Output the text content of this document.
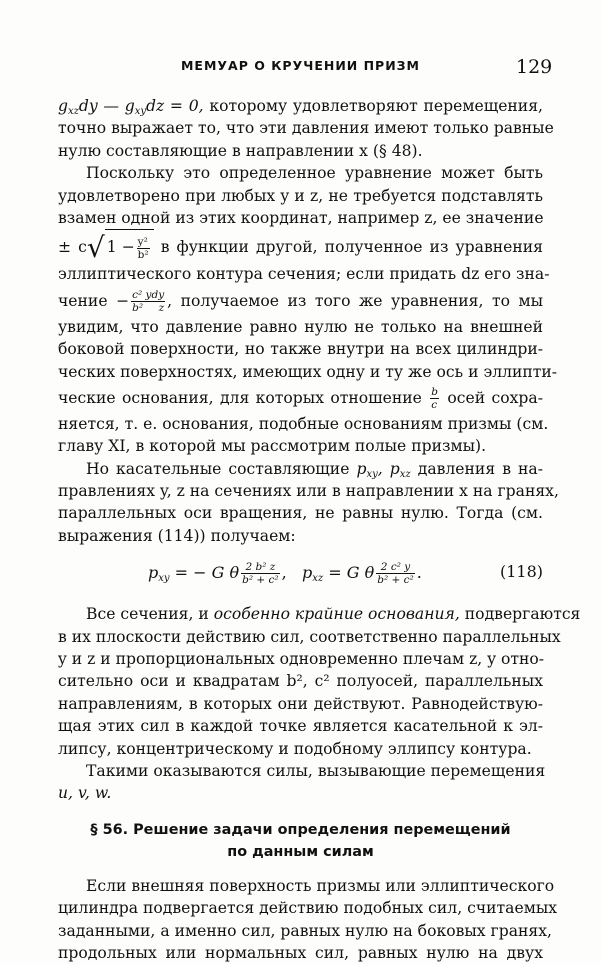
МЕМУАР О КРУЧЕНИИ ПРИЗМ	129
$g_{xz}dy$ — $g_{xy}dz = 0$, которому удовлетворяют перемещения,
точно выражает то, что эти давления имеют только равные
нулю составляющие в направлении x (§ 48).
Поскольку это определенное уравнение может быть
удовлетворено при любых y и z, не требуется подставлять
взамен одной из этих координат, например z, ее значение
± c√ $1 - \frac{\text{y²}}{\text{b²}}$ в функции другой, полученное из уравнения
эллиптического контура сечения; если придать dz его зна-
чение − $\frac{\text{c² ydy}}{\text{b² z}}$ , получаемое из того же уравнения, то мы
увидим, что давление равно нулю не только на внешней
боковой поверхности, но также внутри на всех цилиндри-
ческих поверхностях, имеющих одну и ту же ось и эллипти-
ческие основания, для которых отношение $\frac{b}{c}$ осей сохра-
няется, т. е. основания, подобные основаниям призмы (см.
главу XI, в которой мы рассмотрим полые призмы).
Но касательные составляющие $p_{xy}$, $p_{xz}$ давления в на-
правлениях y, z на сечениях или в направлении x на гранях,
параллельных оси вращения, не равны нулю. Тогда (см.
выражения (114)) получаем:
$p_{xy}$ = − G θ $\frac{\text{2 b² z}}{\text{b² + c²}}$ , $p_{xz} = G$ θ $\frac{\text{2 c² y}}{\text{b² + c²}}$ .	(118)
Все сечения, и особенно крайние основания, подвергаются
в их плоскости действию сил, соответственно параллельных
y и z и пропорциональных одновременно плечам z, y отно-
сительно оси и квадратам b², c² полуосей, параллельных
направлениям, в которых они действуют. Равнодействую-
щая этих сил в каждой точке является касательной к эл-
липсу, концентрическому и подобному эллипсу контура.
Такими оказываются силы, вызывающие перемещения
u, v, w.
§ 56. Решение задачи определения перемещений
по данным силам
Если внешняя поверхность призмы или эллиптического
цилиндра подвергается действию подобных сил, считаемых
заданными, а именно сил, равных нулю на боковых гранях,
продольных или нормальных сил, равных нулю на двух
